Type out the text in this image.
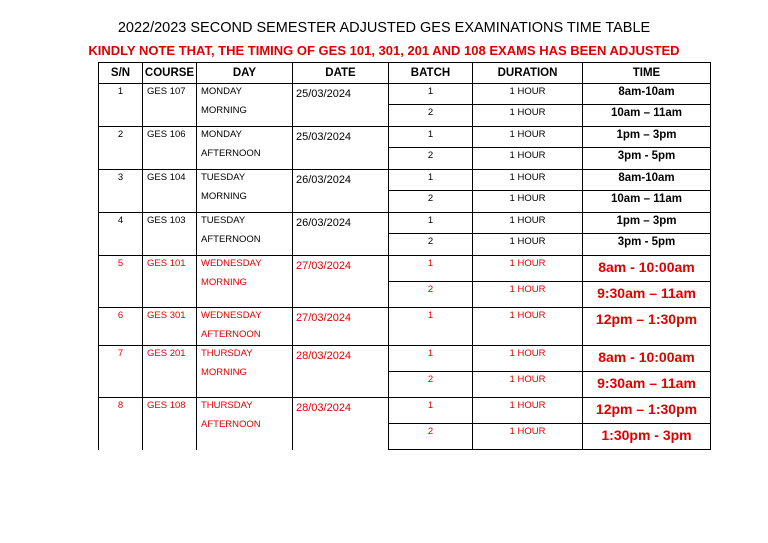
2022/2023 SECOND SEMESTER ADJUSTED GES EXAMINATIONS TIME TABLE
KINDLY NOTE THAT, THE TIMING OF GES 101, 301, 201 AND 108 EXAMS HAS BEEN ADJUSTED
S/N	COURSE	DAY	DATE	BATCH	DURATION	TIME

1	GES 107	MONDAY
MORNING	25/03/2024	1	1 HOUR	8am-10am

				2	1 HOUR	10am – 11am

2	GES 106	MONDAY
AFTERNOON	25/03/2024	1	1 HOUR	1pm – 3pm

				2	1 HOUR	3pm - 5pm

3	GES 104	TUESDAY
MORNING	26/03/2024	1	1 HOUR	8am-10am

				2	1 HOUR	10am – 11am

4	GES 103	TUESDAY
AFTERNOON	26/03/2024	1	1 HOUR	1pm – 3pm

				2	1 HOUR	3pm - 5pm

5	GES 101	WEDNESDAY
MORNING	27/03/2024	1	1 HOUR	8am - 10:00am

				2	1 HOUR	9:30am – 11am

6	GES 301	WEDNESDAY
AFTERNOON	27/03/2024	1	1 HOUR	12pm – 1:30pm

7	GES 201	THURSDAY
MORNING	28/03/2024	1	1 HOUR	8am - 10:00am

				2	1 HOUR	9:30am – 11am

8	GES 108	THURSDAY
AFTERNOON	28/03/2024	1	1 HOUR	12pm – 1:30pm

				2	1 HOUR	1:30pm - 3pm
